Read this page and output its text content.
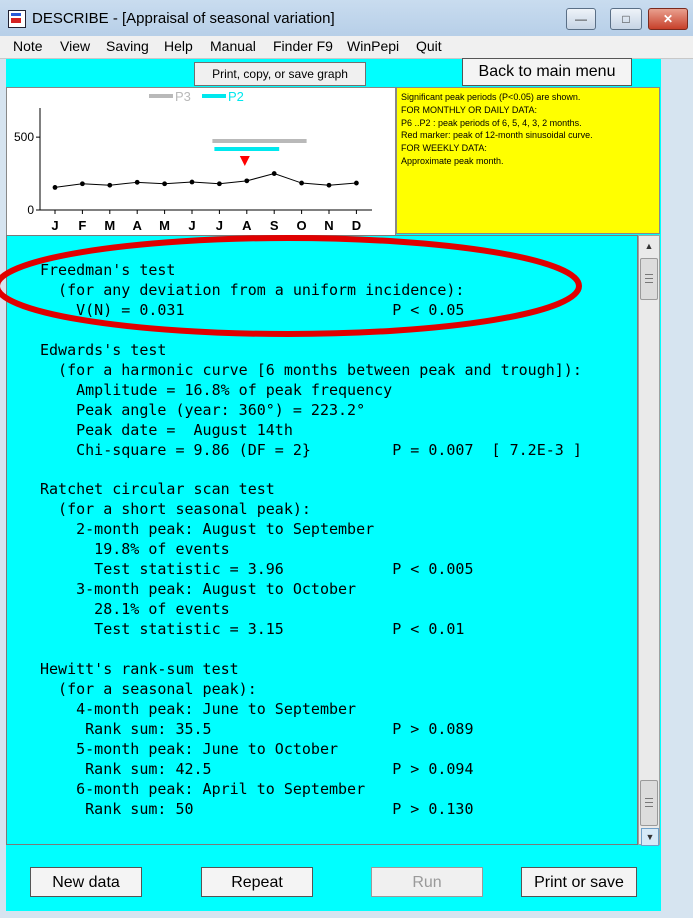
DESCRIBE - [Appraisal of seasonal variation]	—	□	✕
Note View Saving Help Manual Finder F9 WinPepi Quit
Print, copy, or save graph	Back to main menu
500
0
J F M A M J J A S O N D
P3	P2	Significant peak periods (P<0.05) are shown.
FOR MONTHLY OR DAILY DATA:
P6 ..P2 : peak periods of 6, 5, 4, 3, 2 months.
Red marker: peak of 12-month sinusoidal curve.
FOR WEEKLY DATA:
Approximate peak month.
Freedman's test
(for any deviation from a uniform incidence):
V(N) = 0.031                       P < 0.05

Edwards's test
(for a harmonic curve [6 months between peak and trough]):
Amplitude = 16.8% of peak frequency
Peak angle (year: 360°) = 223.2°
Peak date =  August 14th
Chi-square = 9.86 (DF = 2}         P = 0.007  [ 7.2E-3 ]

Ratchet circular scan test
(for a short seasonal peak):
2-month peak: August to September
19.8% of events
Test statistic = 3.96            P < 0.005
3-month peak: August to October
28.1% of events
Test statistic = 3.15            P < 0.01

Hewitt's rank-sum test
(for a seasonal peak):
4-month peak: June to September
Rank sum: 35.5                    P > 0.089
5-month peak: June to October
Rank sum: 42.5                    P > 0.094
6-month peak: April to September
Rank sum: 50                      P > 0.130
▲
▼
New data	Repeat	Run	Print or save
